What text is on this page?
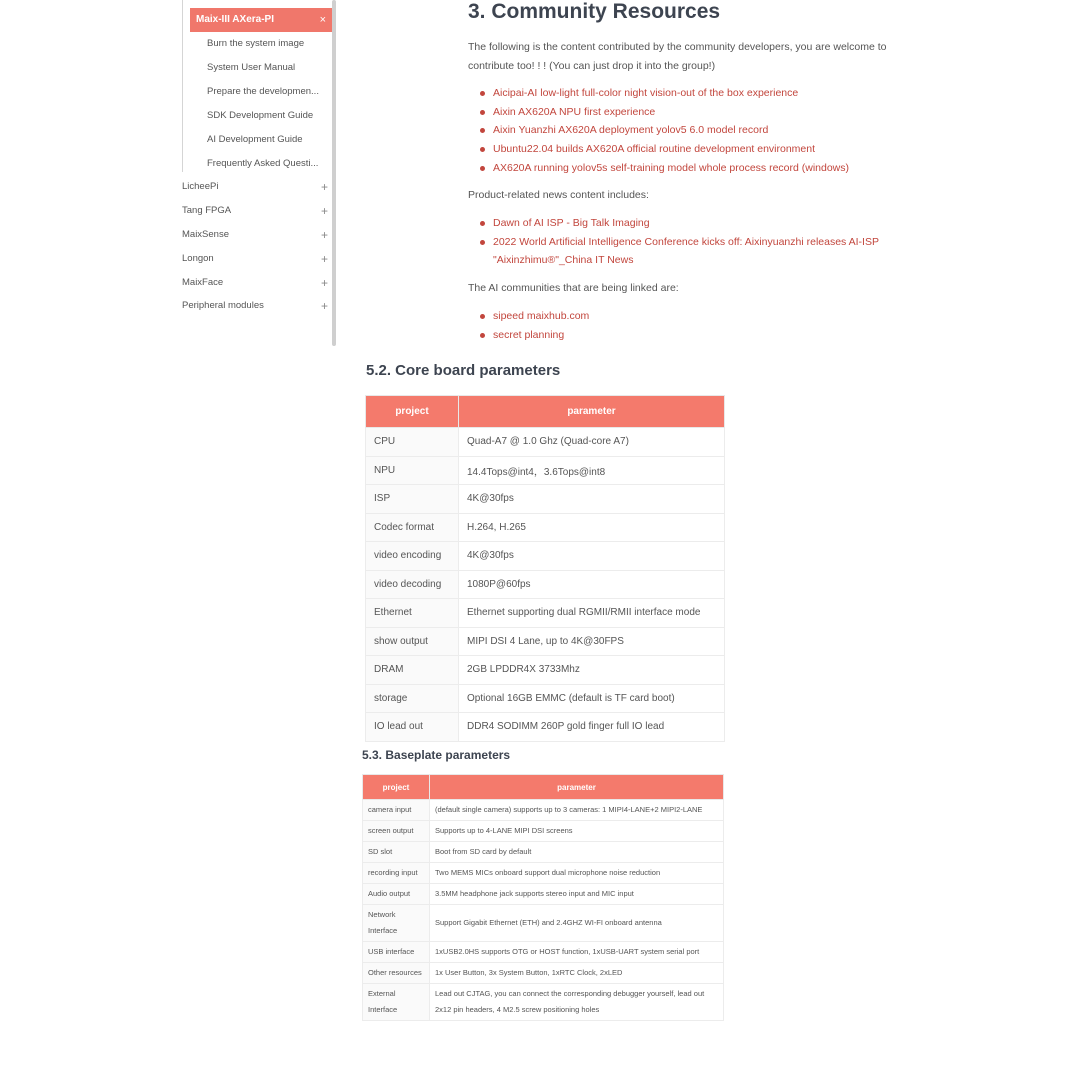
Maix-III AXera-PI	×
Burn the system image
System User Manual
Prepare the developmen...
SDK Development Guide
AI Development Guide
Frequently Asked Questi...
LicheePi	+
Tang FPGA	+
MaixSense	+
Longon	+
MaixFace	+
Peripheral modules	+
3. Community Resources
The following is the content contributed by the community developers, you are welcome to
contribute too! ! ! (You can just drop it into the group!)
Aicipai-AI low-light full-color night vision-out of the box experience
Aixin AX620A NPU first experience
Aixin Yuanzhi AX620A deployment yolov5 6.0 model record
Ubuntu22.04 builds AX620A official routine development environment
AX620A running yolov5s self-training model whole process record (windows)
Product-related news content includes:
Dawn of AI ISP - Big Talk Imaging
2022 World Artificial Intelligence Conference kicks off: Aixinyuanzhi releases AI-ISP
"Aixinzhimu®"_China IT News
The AI communities that are being linked are:
sipeed maixhub.com
secret planning
5.2. Core board parameters
project	parameter
CPU	Quad-A7 @ 1.0 Ghz (Quad-core A7)
NPU	14.4Tops@int4，3.6Tops@int8
ISP	4K@30fps
Codec format	H.264, H.265
video encoding	4K@30fps
video decoding	1080P@60fps
Ethernet	Ethernet supporting dual RGMII/RMII interface mode
show output	MIPI DSI 4 Lane, up to 4K@30FPS
DRAM	2GB LPDDR4X 3733Mhz
storage	Optional 16GB EMMC (default is TF card boot)
IO lead out	DDR4 SODIMM 260P gold finger full IO lead
5.3. Baseplate parameters
project	parameter
camera input	(default single camera) supports up to 3 cameras: 1 MIPI4-LANE+2 MIPI2-LANE
screen output	Supports up to 4-LANE MIPI DSI screens
SD slot	Boot from SD card by default
recording input	Two MEMS MICs onboard support dual microphone noise reduction
Audio output	3.5MM headphone jack supports stereo input and MIC input
Network Interface	Support Gigabit Ethernet (ETH) and 2.4GHZ WI-FI onboard antenna
USB interface	1xUSB2.0HS supports OTG or HOST function, 1xUSB-UART system serial port
Other resources	1x User Button, 3x System Button, 1xRTC Clock, 2xLED
External Interface	Lead out CJTAG, you can connect the corresponding debugger yourself, lead out 2x12 pin headers, 4 M2.5 screw positioning holes
